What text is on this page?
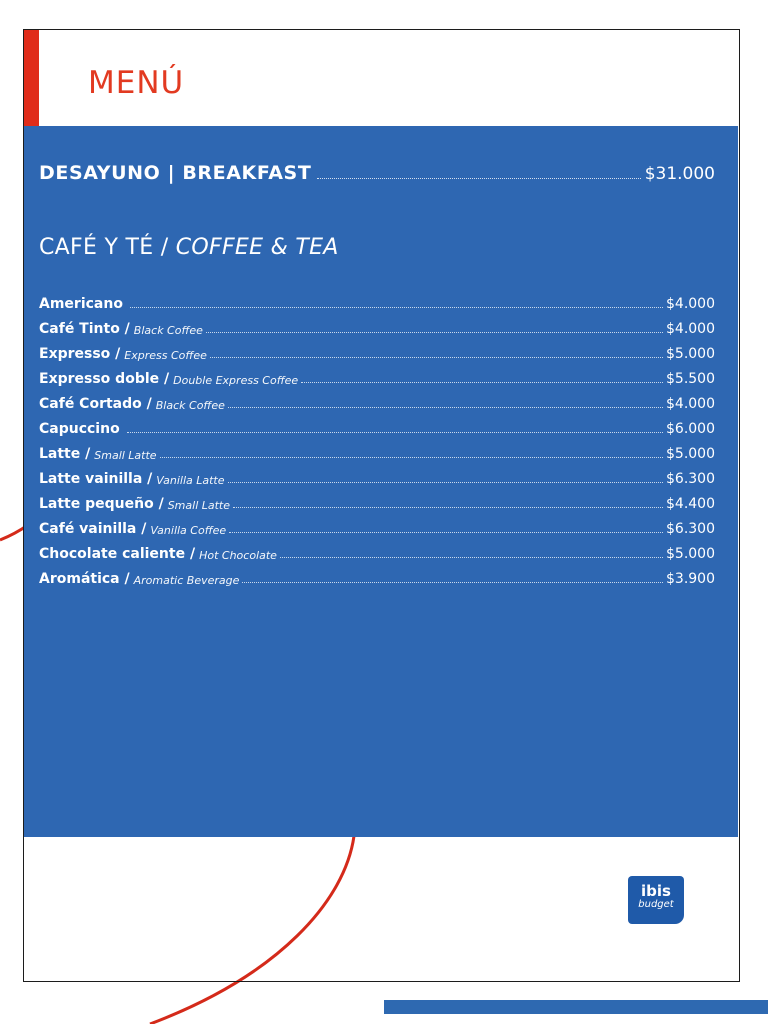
MENÚ
DESAYUNO | BREAKFAST	$31.000
CAFÉ Y TÉ / COFFEE & TEA
Americano	$4.000
Café Tinto / Black Coffee	$4.000
Expresso / Express Coffee	$5.000
Expresso doble / Double Express Coffee	$5.500
Café Cortado / Black Coffee	$4.000
Capuccino	$6.000
Latte / Small Latte	$5.000
Latte vainilla / Vanilla Latte	$6.300
Latte pequeño / Small Latte	$4.400
Café vainilla / Vanilla Coffee	$6.300
Chocolate caliente / Hot Chocolate	$5.000
Aromática / Aromatic Beverage	$3.900
ibis
budget
